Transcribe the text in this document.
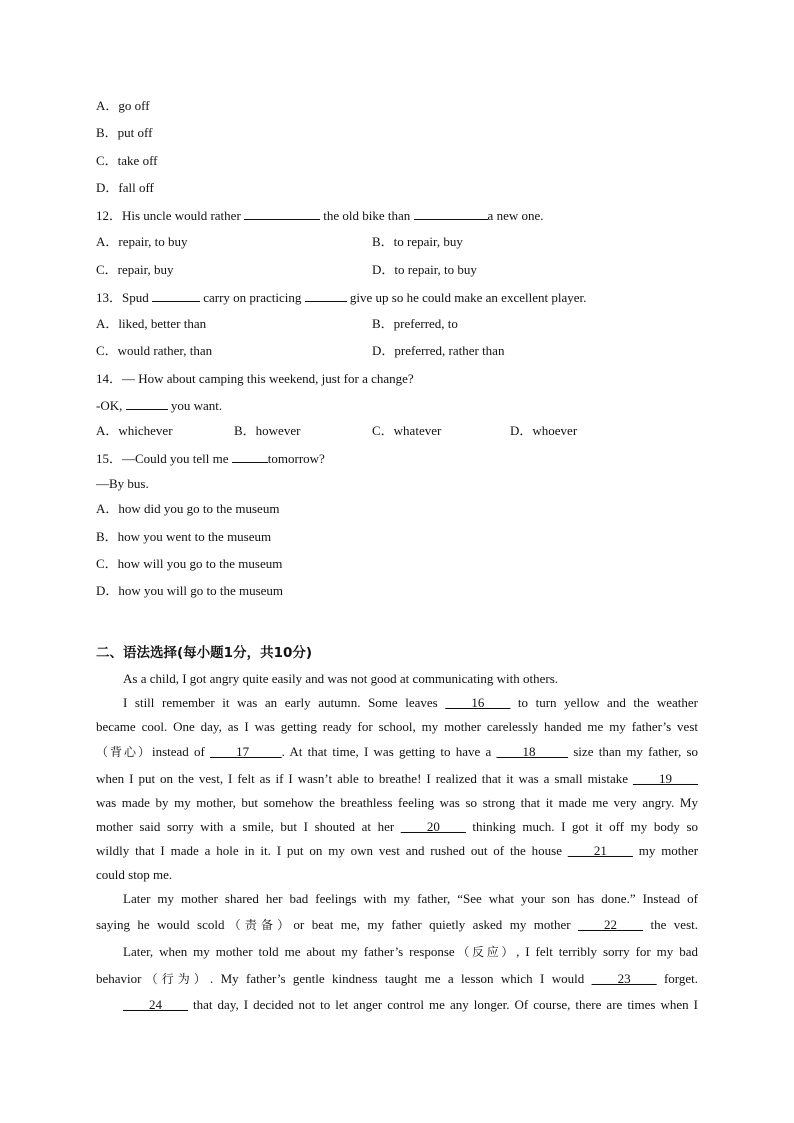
A．go off
B．put off
C．take off
D．fall off
12．His uncle would rather	the old bike than	a new one.
A．repair, to buy	B．to repair, buy
C．repair, buy	D．to repair, to buy
13．Spud	carry on practicing	give up so he could make an excellent player.
A．liked, better than	B．preferred, to
C．would rather, than	D．preferred, rather than
14．— How about camping this weekend, just for a change?
-OK,	you want.
A．whichever	B．however	C．whatever	D．whoever
15．—Could you tell me	tomorrow?
—By bus.
A．how did you go to the museum
B．how you went to the museum
C．how will you go to the museum
D．how you will go to the museum
二、语法选择(每小题1分，共10分)
As a child, I got angry quite easily and was not good at communicating with others.
I still remember it was an early autumn. Some leaves ____16____ to turn yellow and the weather
became cool. One day, as I was getting ready for school, my mother carelessly handed me my father’s vest
（背心）instead of ____17_____. At that time, I was getting to have a ____18_____ size than my father, so
when I put on the vest, I felt as if I wasn’t able to breathe! I realized that it was a small mistake ____19____
was made by my mother, but somehow the breathless feeling was so strong that it made me very angry. My
mother said sorry with a smile, but I shouted at her ____20____ thinking much. I got it off my body so
wildly that I made a hole in it. I put on my own vest and rushed out of the house ____21____ my mother
could stop me.
Later my mother shared her bad feelings with my father, “See what your son has done.” Instead of
saying he would scold（责备）or beat me, my father quietly asked my mother ____22____ the vest.
Later, when my mother told me about my father’s response（反应）, I felt terribly sorry for my bad
behavior（行为）. My father’s gentle kindness taught me a lesson which I would ____23____ forget.
____24____ that day, I decided not to let anger control me any longer. Of course, there are times when I
